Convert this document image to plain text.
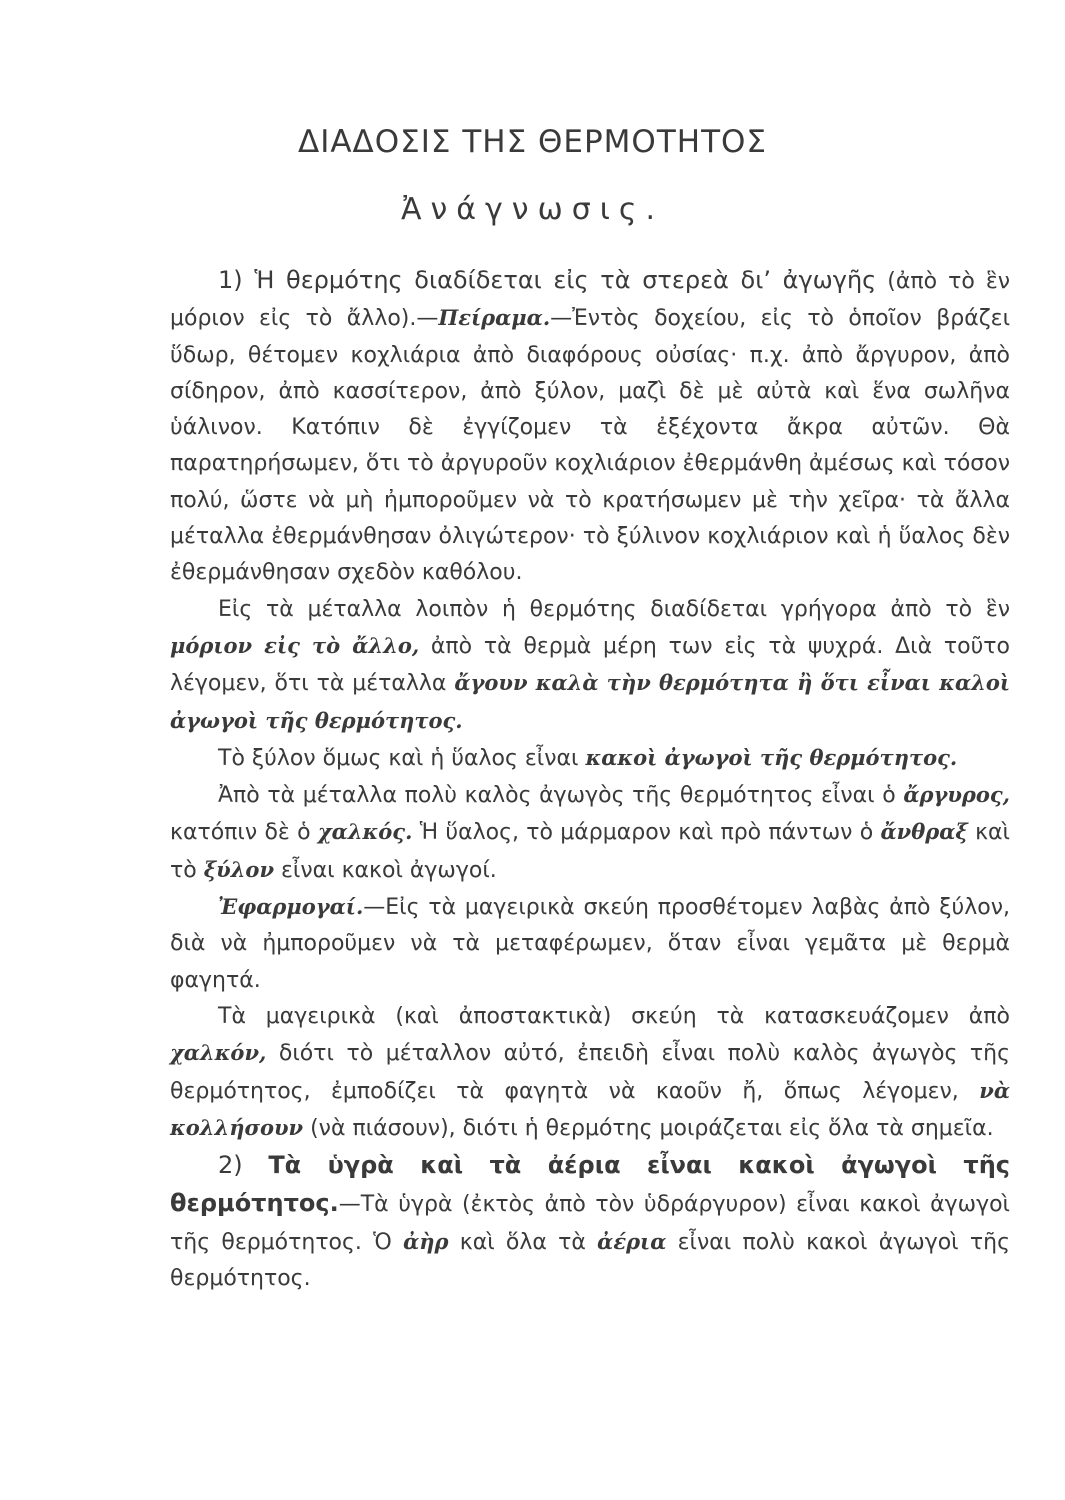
ΔΙΑΔΟΣΙΣ ΤΗΣ ΘΕΡΜΟΤΗΤΟΣ
Ἀνάγνωσις.

1) Ἡ θερμότης διαδίδεται εἰς τὰ στερεὰ δι’ ἀγωγῆς (ἀπὸ τὸ ἓν μόριον εἰς τὸ ἄλλο).—Πείραμα.—Ἐντὸς δοχείου, εἰς τὸ ὁποῖον βράζει ὕδωρ, θέτομεν κοχλιάρια ἀπὸ διαφόρους οὐσίας· π.χ. ἀπὸ ἄργυρον, ἀπὸ σίδηρον, ἀπὸ κασσίτερον, ἀπὸ ξύλον, μαζὶ δὲ μὲ αὐτὰ καὶ ἕνα σωλῆνα ὑάλινον. Κατόπιν δὲ ἐγγίζομεν τὰ ἐξέχοντα ἄκρα αὐτῶν. Θὰ παρατηρήσωμεν, ὅτι τὸ ἀργυροῦν κοχλιάριον ἐθερμάνθη ἀμέσως καὶ τόσον πολύ, ὥστε νὰ μὴ ἠμποροῦμεν νὰ τὸ κρατήσωμεν μὲ τὴν χεῖρα· τὰ ἄλλα μέταλλα ἐθερμάνθησαν ὀλιγώτερον· τὸ ξύλινον κοχλιάριον καὶ ἡ ὕαλος δὲν ἐθερμάνθησαν σχεδὸν καθόλου.

Εἰς τὰ μέταλλα λοιπὸν ἡ θερμότης διαδίδεται γρήγορα ἀπὸ τὸ ἓν μόριον εἰς τὸ ἄλλο, ἀπὸ τὰ θερμὰ μέρη των εἰς τὰ ψυχρά. Διὰ τοῦτο λέγομεν, ὅτι τὰ μέταλλα ἄγουν καλὰ τὴν θερμότητα ἢ ὅτι εἶναι καλοὶ ἀγωγοὶ τῆς θερμότητος.

Τὸ ξύλον ὅμως καὶ ἡ ὕαλος εἶναι κακοὶ ἀγωγοὶ τῆς θερμότητος.

Ἀπὸ τὰ μέταλλα πολὺ καλὸς ἀγωγὸς τῆς θερμότητος εἶναι ὁ ἄργυρος, κατόπιν δὲ ὁ χαλκός. Ἡ ὕαλος, τὸ μάρμαρον καὶ πρὸ πάντων ὁ ἄνθραξ καὶ τὸ ξύλον εἶναι κακοὶ ἀγωγοί.

Ἐφαρμογαί.—Εἰς τὰ μαγειρικὰ σκεύη προσθέτομεν λαβὰς ἀπὸ ξύλον, διὰ νὰ ἠμποροῦμεν νὰ τὰ μεταφέρωμεν, ὅταν εἶναι γεμᾶτα μὲ θερμὰ φαγητά.

Τὰ μαγειρικὰ (καὶ ἀποστακτικὰ) σκεύη τὰ κατασκευάζομεν ἀπὸ χαλκόν, διότι τὸ μέταλλον αὐτό, ἐπειδὴ εἶναι πολὺ καλὸς ἀγωγὸς τῆς θερμότητος, ἐμποδίζει τὰ φαγητὰ νὰ καοῦν ἤ, ὅπως λέγομεν, νὰ κολλήσουν (νὰ πιάσουν), διότι ἡ θερμότης μοιράζεται εἰς ὅλα τὰ σημεῖα.

2) Τὰ ὑγρὰ καὶ τὰ ἀέρια εἶναι κακοὶ ἀγωγοὶ τῆς θερμότητος.—Τὰ ὑγρὰ (ἐκτὸς ἀπὸ τὸν ὑδράργυρον) εἶναι κακοὶ ἀγωγοὶ τῆς θερμότητος. Ὁ ἀὴρ καὶ ὅλα τὰ ἀέρια εἶναι πολὺ κακοὶ ἀγωγοὶ τῆς θερμότητος.
